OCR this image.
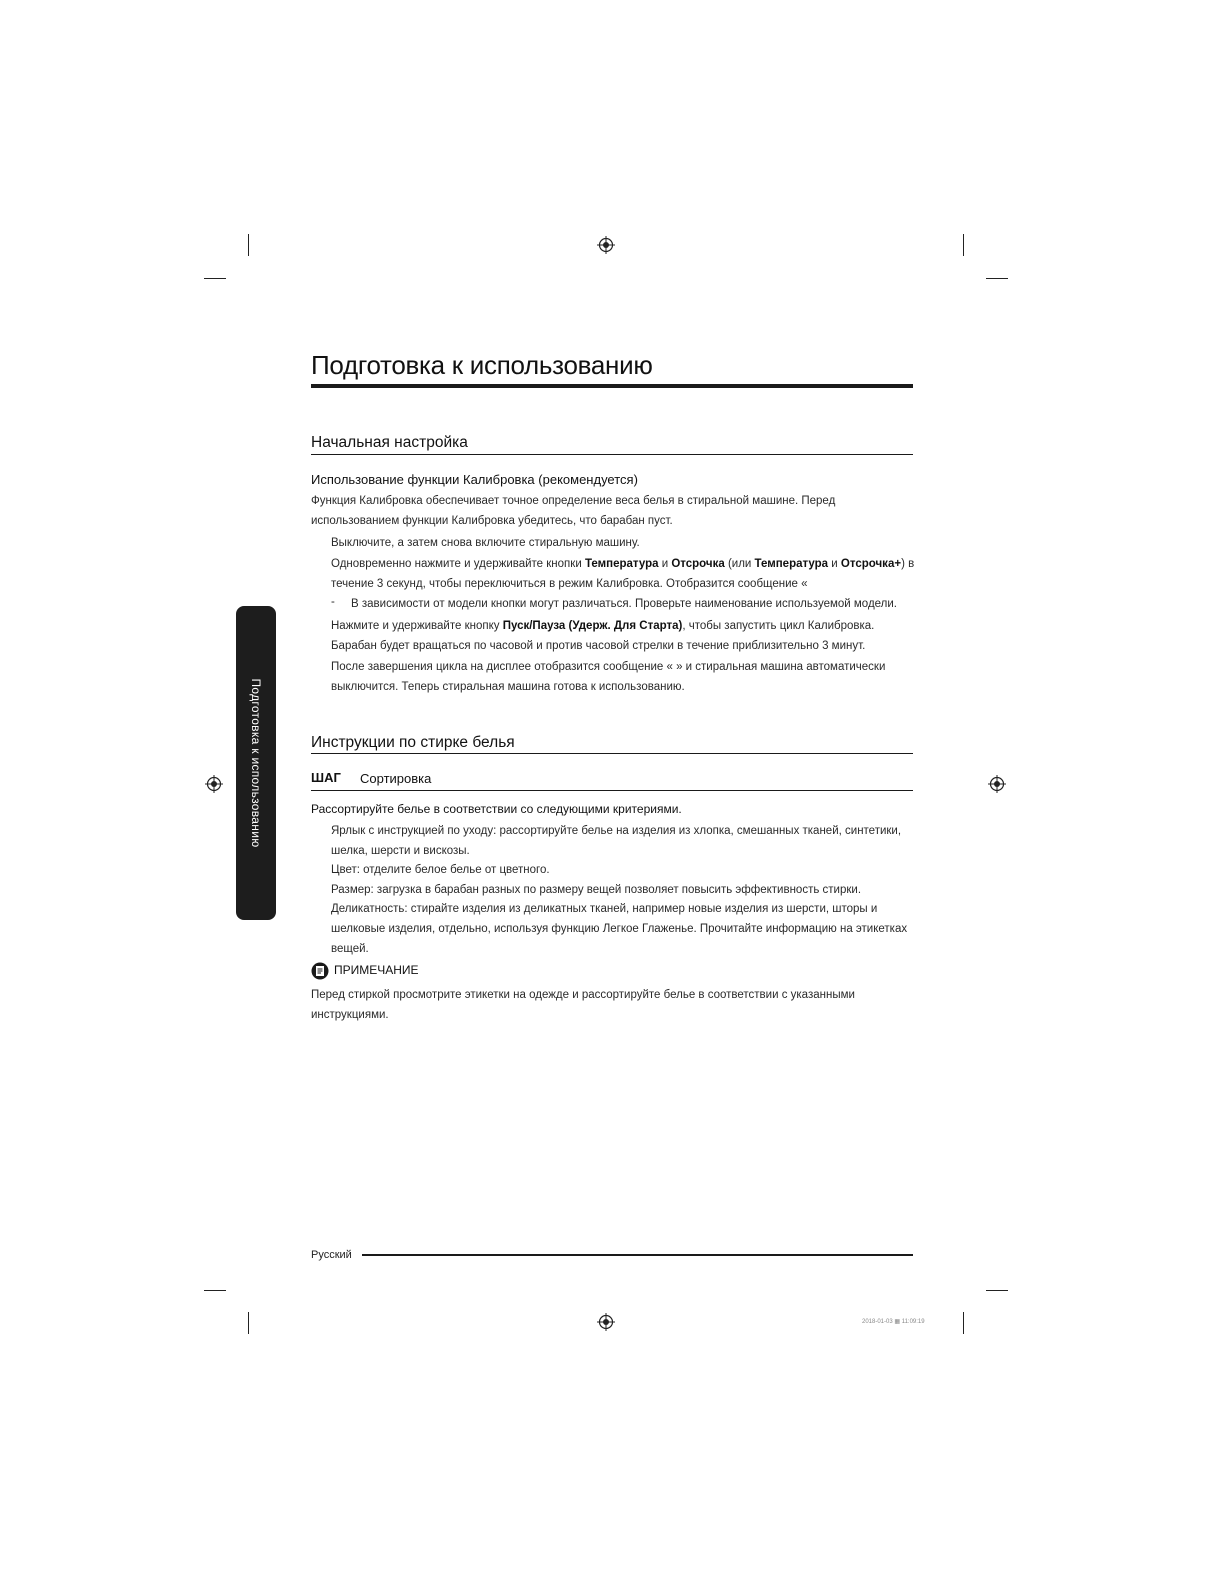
Подготовка к использованию
Начальная настройка
Использование функции Калибровка (рекомендуется)
Функция Калибровка обеспечивает точное определение веса белья в стиральной машине. Перед использованием функции Калибровка убедитесь, что барабан пуст.
Выключите, а затем снова включите стиральную машину.
Одновременно нажмите и удерживайте кнопки Температура и Отсрочка (или Температура и Отсрочка+) в течение 3 секунд, чтобы переключиться в режим Калибровка. Отобразится сообщение «
- В зависимости от модели кнопки могут различаться. Проверьте наименование используемой модели.
Нажмите и удерживайте кнопку Пуск/Пауза (Удерж. Для Старта), чтобы запустить цикл Калибровка. Барабан будет вращаться по часовой и против часовой стрелки в течение приблизительно 3 минут.
После завершения цикла на дисплее отобразится сообщение « » и стиральная машина автоматически выключится. Теперь стиральная машина готова к использованию.
Инструкции по стирке белья
ШАГ Сортировка
Рассортируйте белье в соответствии со следующими критериями.
Ярлык с инструкцией по уходу: рассортируйте белье на изделия из хлопка, смешанных тканей, синтетики, шелка, шерсти и вискозы.
Цвет: отделите белое белье от цветного.
Размер: загрузка в барабан разных по размеру вещей позволяет повысить эффективность стирки.
Деликатность: стирайте изделия из деликатных тканей, например новые изделия из шерсти, шторы и шелковые изделия, отдельно, используя функцию Легкое Глаженье. Прочитайте информацию на этикетках вещей.
ПРИМЕЧАНИЕ
Перед стиркой просмотрите этикетки на одежде и рассортируйте белье в соответствии с указанными инструкциями.
Подготовка к использованию
Русский
2018-01-03 ▦ 11:09:19
